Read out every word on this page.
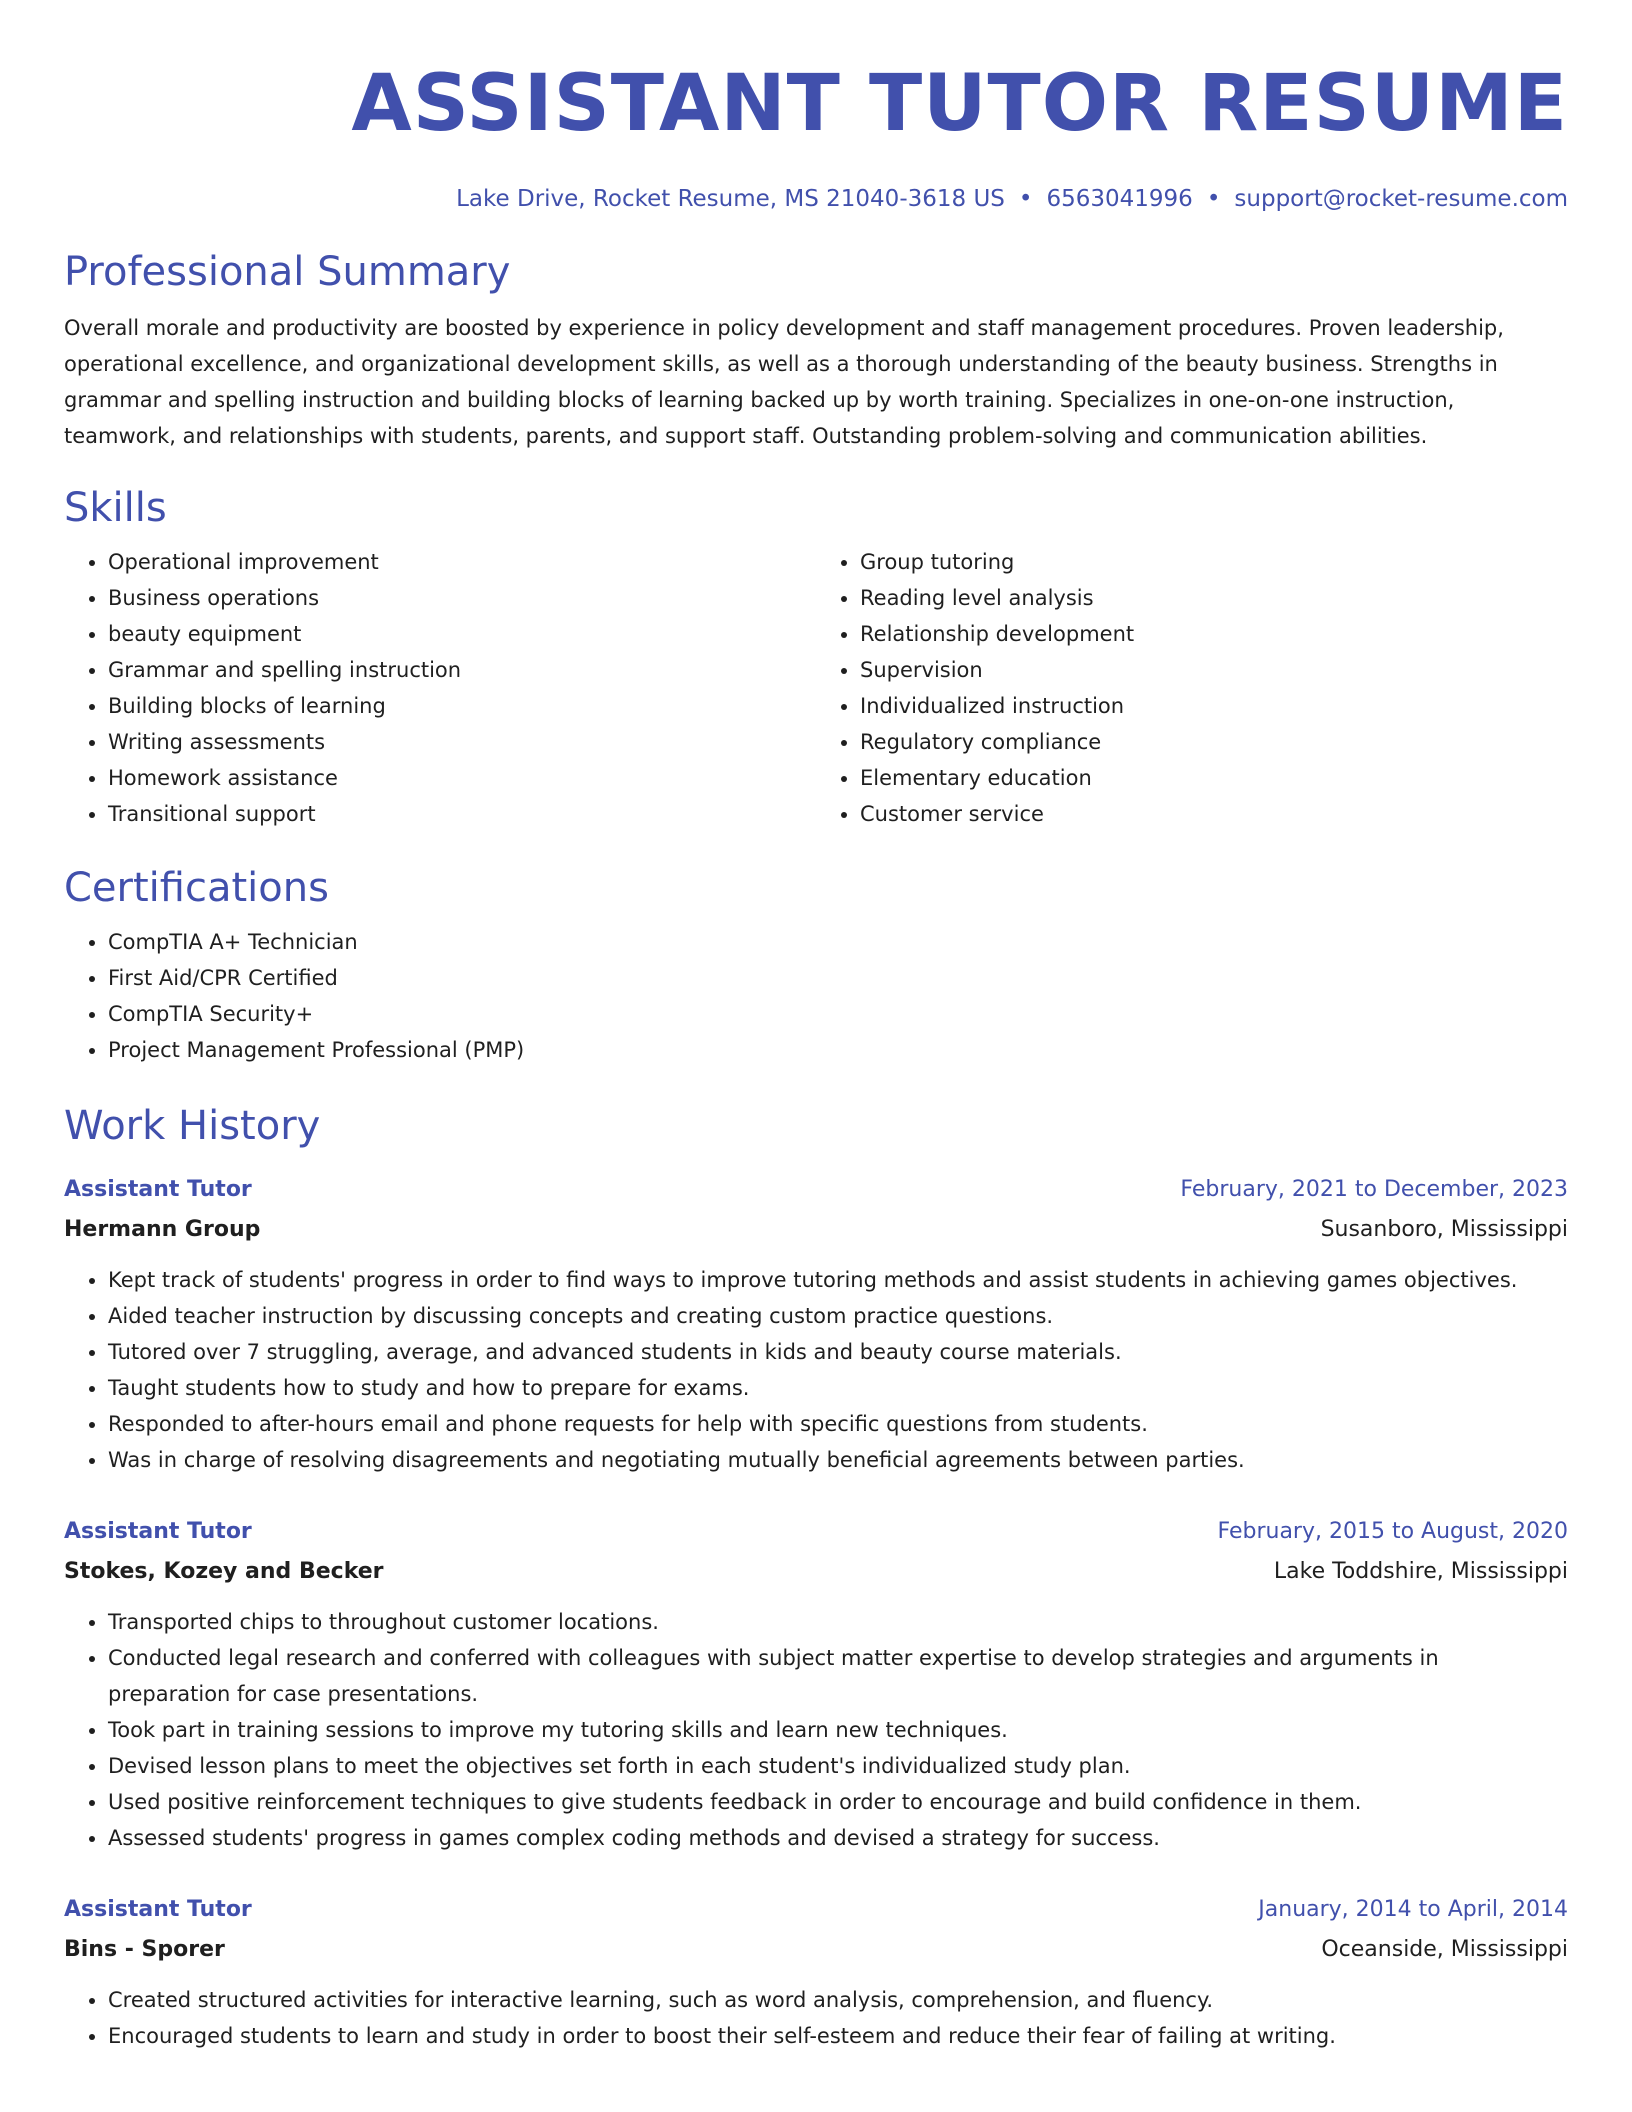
ASSISTANT TUTOR RESUME
Lake Drive, Rocket Resume, MS 21040-3618 US • 6563041996 • support@rocket-resume.com
Professional Summary

Overall morale and productivity are boosted by experience in policy development and staff management procedures. Proven leadership, operational excellence, and organizational development skills, as well as a thorough understanding of the beauty business. Strengths in grammar and spelling instruction and building blocks of learning backed up by worth training. Specializes in one-on-one instruction, teamwork, and relationships with students, parents, and support staff. Outstanding problem-solving and communication abilities.

Skills
• Operational improvement
• Business operations
• beauty equipment
• Grammar and spelling instruction
• Building blocks of learning
• Writing assessments
• Homework assistance
• Transitional support
• Group tutoring
• Reading level analysis
• Relationship development
• Supervision
• Individualized instruction
• Regulatory compliance
• Elementary education
• Customer service
Certifications
• CompTIA A+ Technician
• First Aid/CPR Certified
• CompTIA Security+
• Project Management Professional (PMP)
Work History
Assistant Tutor	February, 2021 to December, 2023
Hermann Group	Susanboro, Mississippi
• Kept track of students' progress in order to find ways to improve tutoring methods and assist students in achieving games objectives.
• Aided teacher instruction by discussing concepts and creating custom practice questions.
• Tutored over 7 struggling, average, and advanced students in kids and beauty course materials.
• Taught students how to study and how to prepare for exams.
• Responded to after-hours email and phone requests for help with specific questions from students.
• Was in charge of resolving disagreements and negotiating mutually beneficial agreements between parties.
Assistant Tutor	February, 2015 to August, 2020
Stokes, Kozey and Becker	Lake Toddshire, Mississippi
• Transported chips to throughout customer locations.
• Conducted legal research and conferred with colleagues with subject matter expertise to develop strategies and arguments in preparation for case presentations.
• Took part in training sessions to improve my tutoring skills and learn new techniques.
• Devised lesson plans to meet the objectives set forth in each student's individualized study plan.
• Used positive reinforcement techniques to give students feedback in order to encourage and build confidence in them.
• Assessed students' progress in games complex coding methods and devised a strategy for success.
Assistant Tutor	January, 2014 to April, 2014
Bins - Sporer	Oceanside, Mississippi
• Created structured activities for interactive learning, such as word analysis, comprehension, and fluency.
• Encouraged students to learn and study in order to boost their self-esteem and reduce their fear of failing at writing.
